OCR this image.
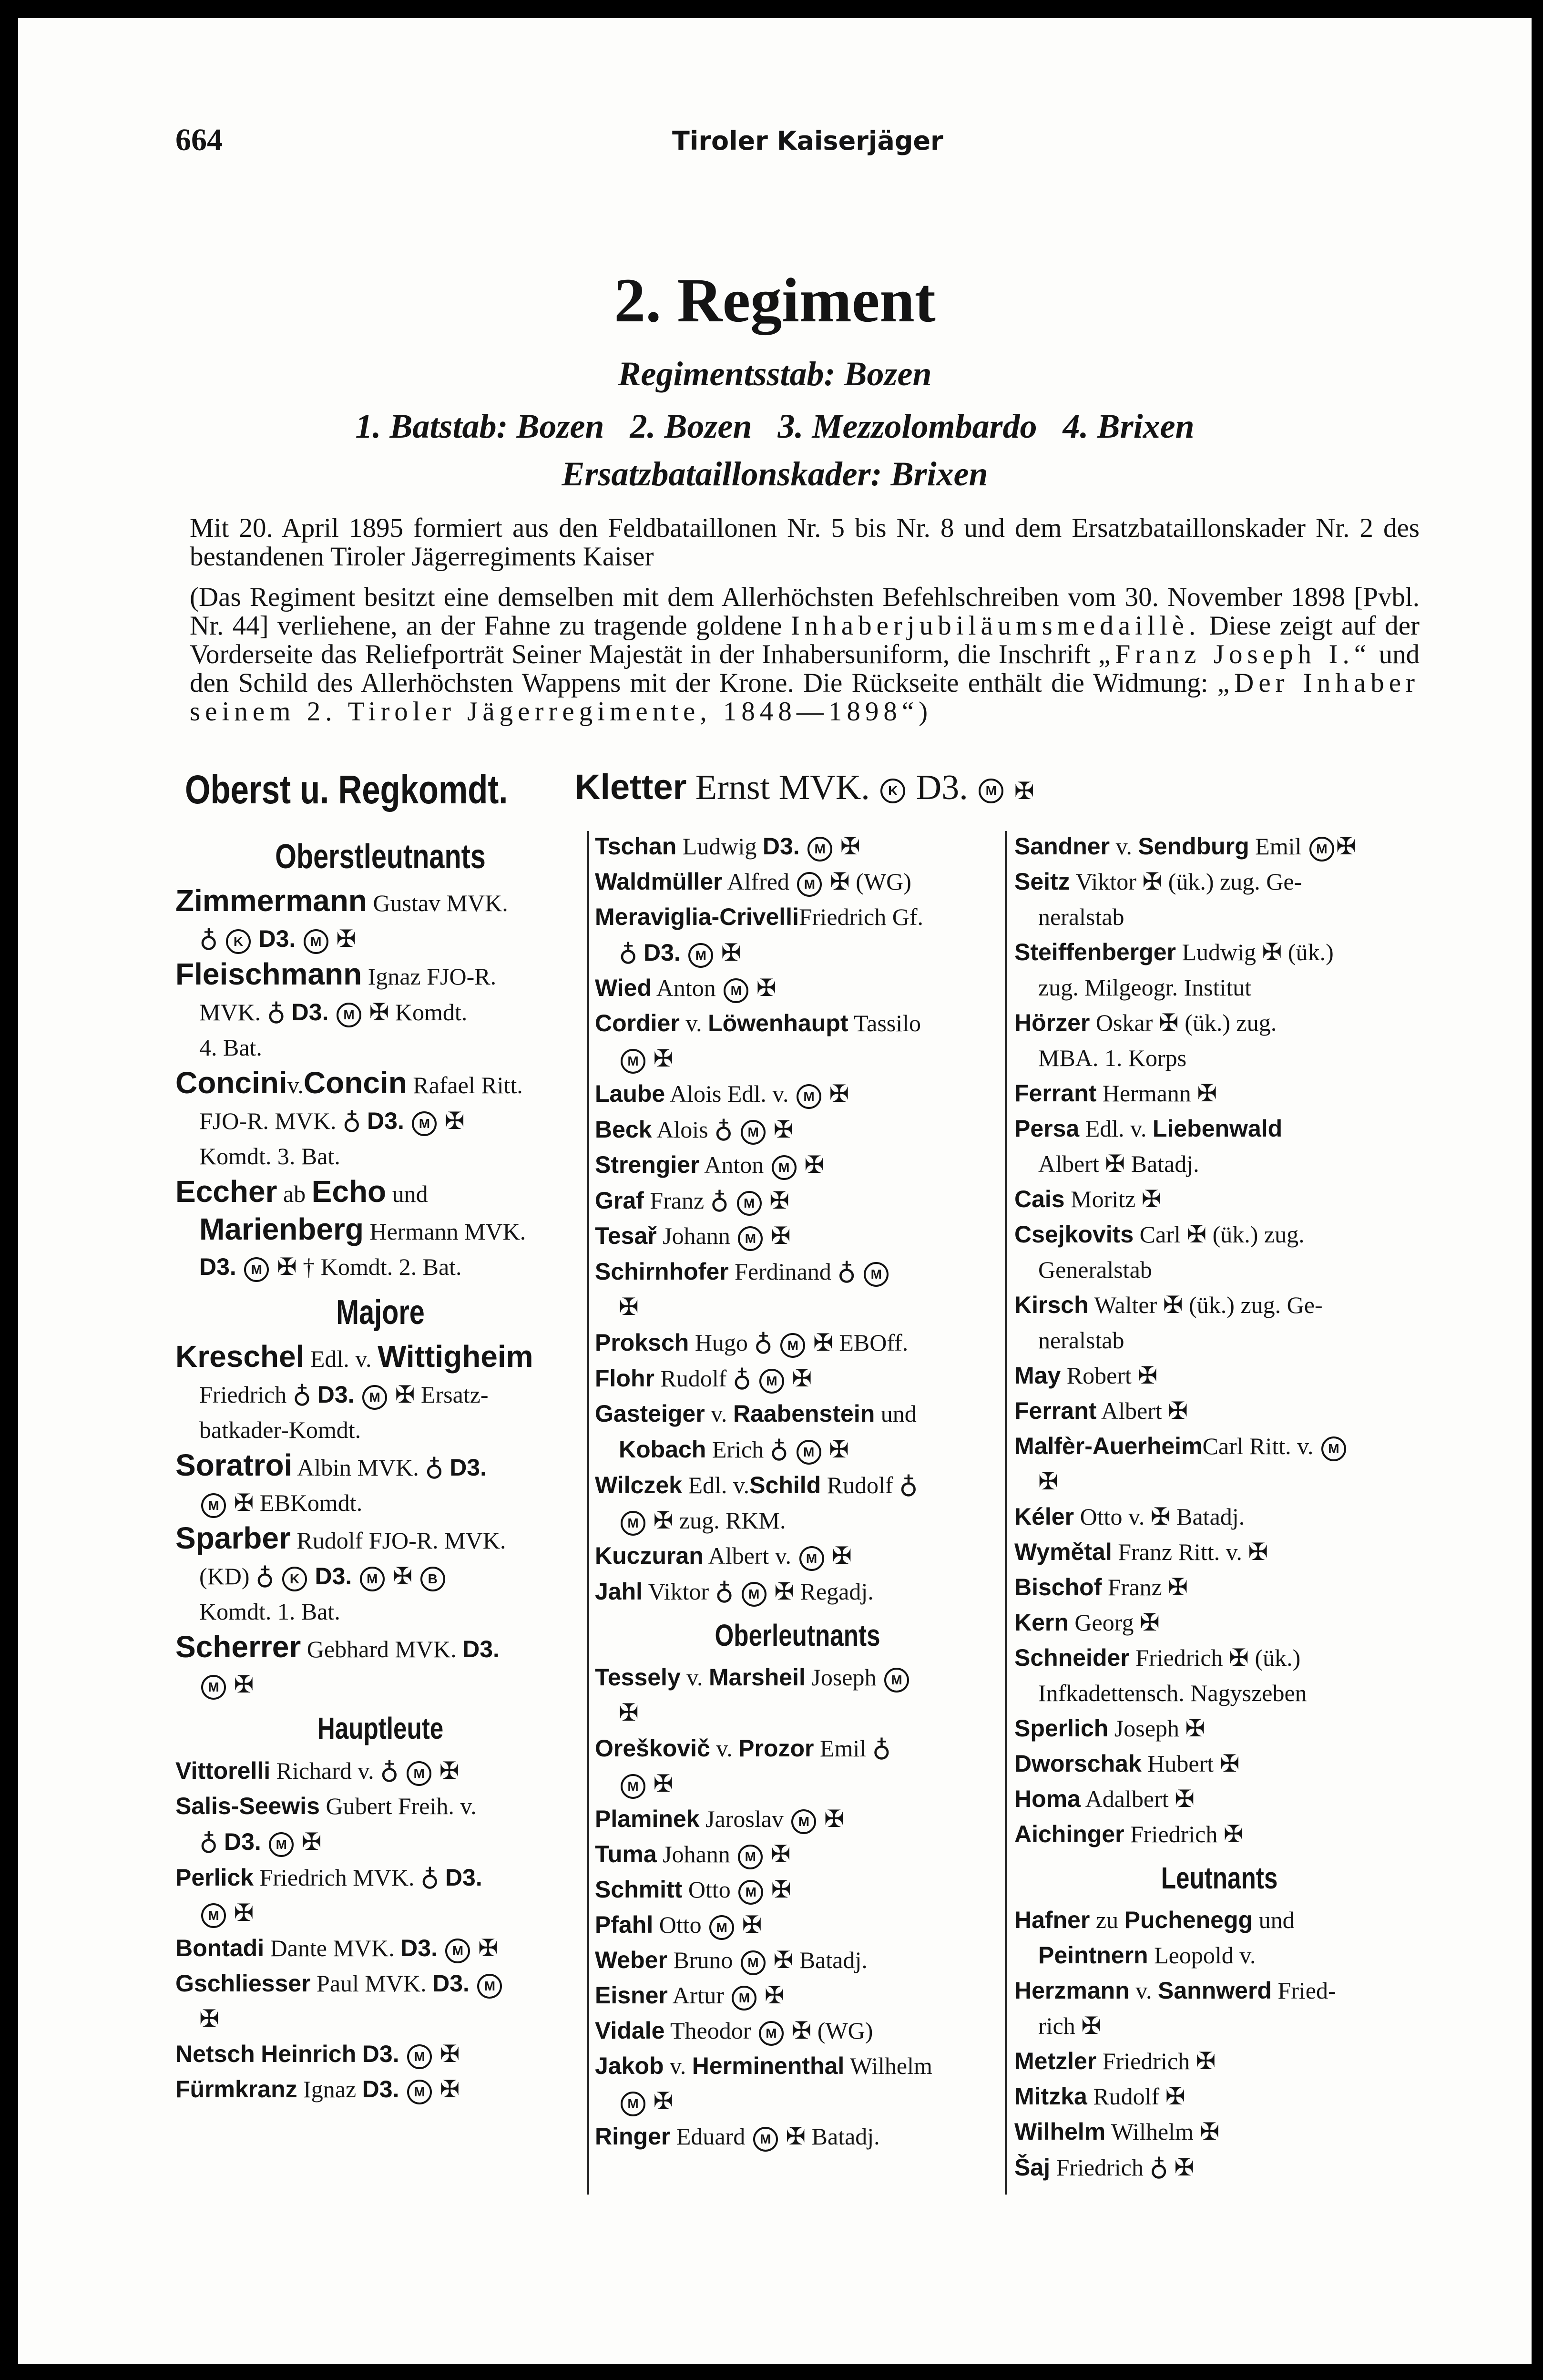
664	Tiroler Kaiserjäger
2. Regiment
Regimentsstab: Bozen
1. Batstab: Bozen   2. Bozen   3. Mezzolombardo   4. Brixen
Ersatzbataillonskader: Brixen
Mit 20. April 1895 formiert aus den Feldbataillonen Nr. 5 bis Nr. 8 und dem Ersatzbataillonskader Nr. 2 des bestandenen Tiroler Jägerregiments Kaiser
(Das Regiment besitzt eine demselben mit dem Allerhöchsten Befehlschreiben vom 30. November 1898 [Pvbl. Nr. 44] verliehene, an der Fahne zu tragende goldene Inhaberjubiläumsmedaillè. Diese zeigt auf der Vorderseite das Reliefporträt Seiner Majestät in der Inhabersuniform, die Inschrift „Franz Joseph I.“ und den Schild des Allerhöchsten Wappens mit der Krone. Die Rückseite enthält die Widmung: „Der Inhaber seinem 2. Tiroler Jägerregimente, 1848—1898“)
Oberst u. Regkomdt. Kletter Ernst MVK. K D3. M ✠
Oberstleutnants
Zimmermann Gustav MVK.
♁ K D3. M ✠
Fleischmann Ignaz FJO-R.
MVK. ♁ D3. M ✠ Komdt.
4. Bat.
Conciniv.Concin Rafael Ritt.
FJO-R. MVK. ♁ D3. M ✠
Komdt. 3. Bat.
Eccher ab Echo und
Marienberg Hermann MVK.
D3. M ✠ † Komdt. 2. Bat.
Majore
Kreschel Edl. v. Wittigheim
Friedrich ♁ D3. M ✠ Ersatz-
batkader-Komdt.
Soratroi Albin MVK. ♁ D3.
M ✠ EBKomdt.
Sparber Rudolf FJO-R. MVK.
(KD) ♁ K D3. M ✠ B
Komdt. 1. Bat.
Scherrer Gebhard MVK. D3.
M ✠
Hauptleute
Vittorelli Richard v. ♁ M ✠
Salis-Seewis Gubert Freih. v.
♁ D3. M ✠
Perlick Friedrich MVK. ♁ D3.
M ✠
Bontadi Dante MVK. D3. M ✠
Gschliesser Paul MVK. D3. M
✠
Netsch Heinrich D3. M ✠
Fürmkranz Ignaz D3. M ✠
Tschan Ludwig D3. M ✠
Waldmüller Alfred M ✠ (WG)
Meraviglia-CrivelliFriedrich Gf.
♁ D3. M ✠
Wied Anton M ✠
Cordier v. Löwenhaupt Tassilo
M ✠
Laube Alois Edl. v. M ✠
Beck Alois ♁ M ✠
Strengier Anton M ✠
Graf Franz ♁ M ✠
Tesař Johann M ✠
Schirnhofer Ferdinand ♁ M
✠
Proksch Hugo ♁ M ✠ EBOff.
Flohr Rudolf ♁ M ✠
Gasteiger v. Raabenstein und
Kobach Erich ♁ M ✠
Wilczek Edl. v.Schild Rudolf ♁
M ✠ zug. RKM.
Kuczuran Albert v. M ✠
Jahl Viktor ♁ M ✠ Regadj.
Oberleutnants
Tessely v. Marsheil Joseph M
✠
Oreškovič v. Prozor Emil ♁
M ✠
Plaminek Jaroslav M ✠
Tuma Johann M ✠
Schmitt Otto M ✠
Pfahl Otto M ✠
Weber Bruno M ✠ Batadj.
Eisner Artur M ✠
Vidale Theodor M ✠ (WG)
Jakob v. Herminenthal Wilhelm
M ✠
Ringer Eduard M ✠ Batadj.
Sandner v. Sendburg Emil M ✠
Seitz Viktor ✠ (ük.) zug. Ge-
neralstab
Steiffenberger Ludwig ✠ (ük.)
zug. Milgeogr. Institut
Hörzer Oskar ✠ (ük.) zug.
MBA. 1. Korps
Ferrant Hermann ✠
Persa Edl. v. Liebenwald
Albert ✠ Batadj.
Cais Moritz ✠
Csejkovits Carl ✠ (ük.) zug.
Generalstab
Kirsch Walter ✠ (ük.) zug. Ge-
neralstab
May Robert ✠
Ferrant Albert ✠
Malfèr-AuerheimCarl Ritt. v. M
✠
Kéler Otto v. ✠ Batadj.
Wymětal Franz Ritt. v. ✠
Bischof Franz ✠
Kern Georg ✠
Schneider Friedrich ✠ (ük.)
Infkadettensch. Nagyszeben
Sperlich Joseph ✠
Dworschak Hubert ✠
Homa Adalbert ✠
Aichinger Friedrich ✠
Leutnants
Hafner zu Puchenegg und
Peintnern Leopold v.
Herzmann v. Sannwerd Fried-
rich ✠
Metzler Friedrich ✠
Mitzka Rudolf ✠
Wilhelm Wilhelm ✠
Šaj Friedrich ♁ ✠
